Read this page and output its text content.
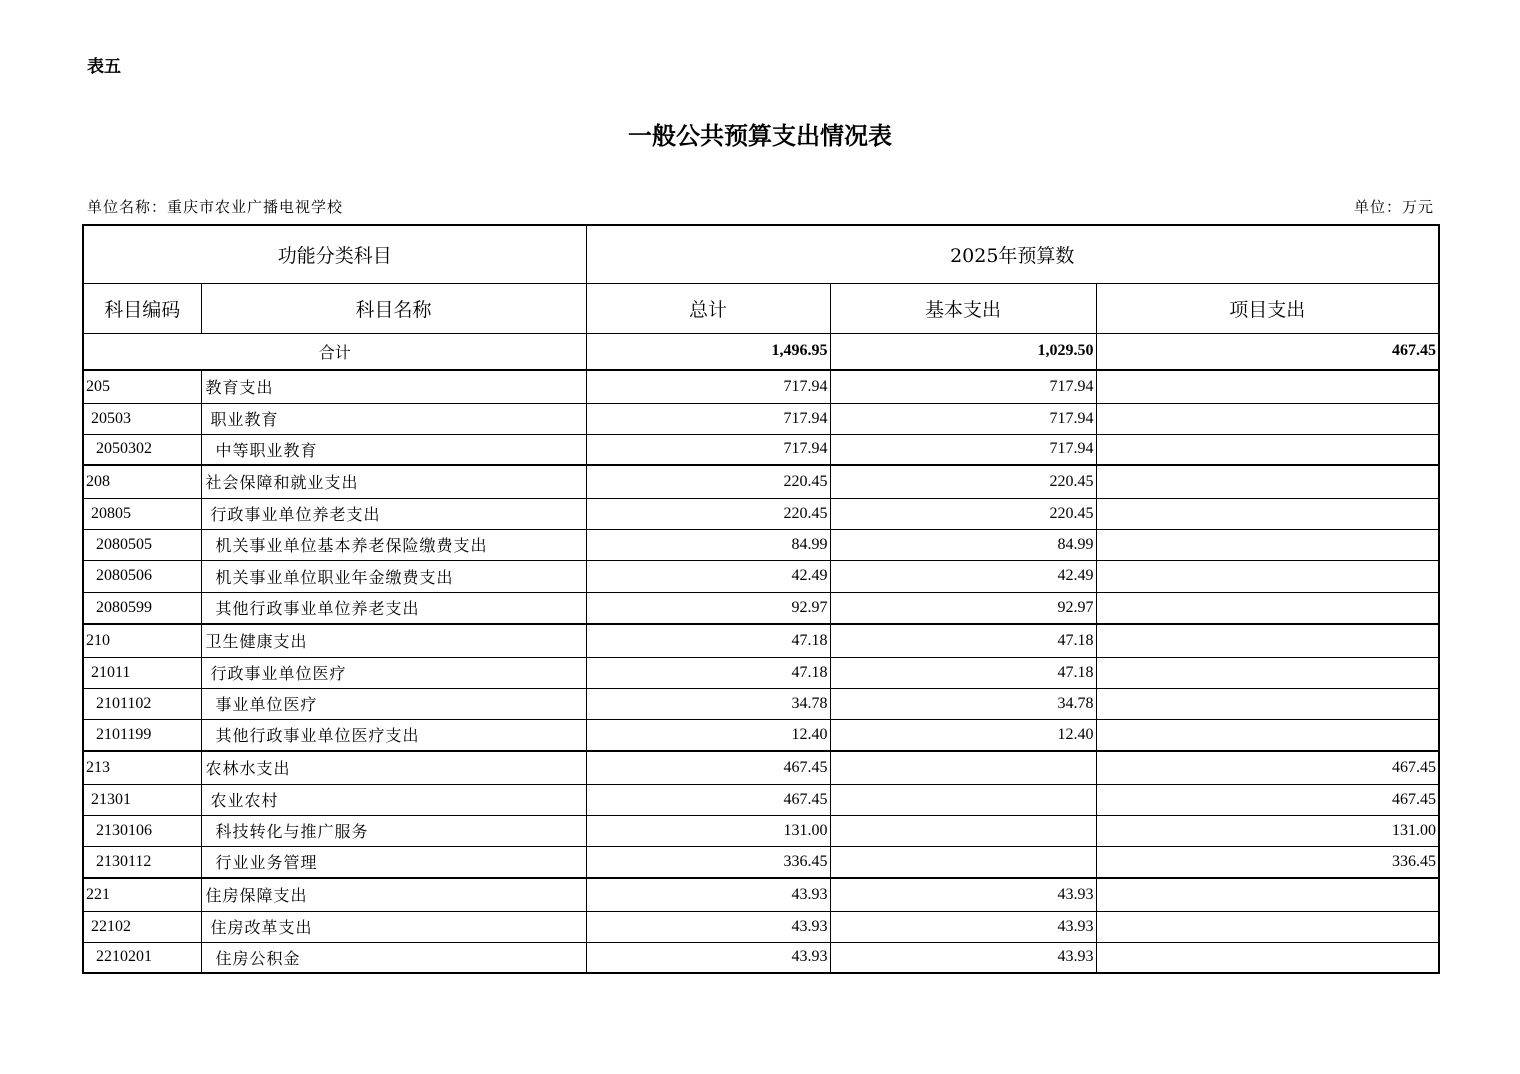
表五
一般公共预算支出情况表
单位名称：重庆市农业广播电视学校	单位：万元
功能分类科目		2025年预算数		
科目编码	科目名称	总计	基本支出	项目支出
合计		1,496.95	1,029.50	467.45
205	教育支出	717.94	717.94	
20503	职业教育	717.94	717.94	
2050302	中等职业教育	717.94	717.94	
208	社会保障和就业支出	220.45	220.45	
20805	行政事业单位养老支出	220.45	220.45	
2080505	机关事业单位基本养老保险缴费支出	84.99	84.99	
2080506	机关事业单位职业年金缴费支出	42.49	42.49	
2080599	其他行政事业单位养老支出	92.97	92.97	
210	卫生健康支出	47.18	47.18	
21011	行政事业单位医疗	47.18	47.18	
2101102	事业单位医疗	34.78	34.78	
2101199	其他行政事业单位医疗支出	12.40	12.40	
213	农林水支出	467.45		467.45
21301	农业农村	467.45		467.45
2130106	科技转化与推广服务	131.00		131.00
2130112	行业业务管理	336.45		336.45
221	住房保障支出	43.93	43.93	
22102	住房改革支出	43.93	43.93	
2210201	住房公积金	43.93	43.93	
